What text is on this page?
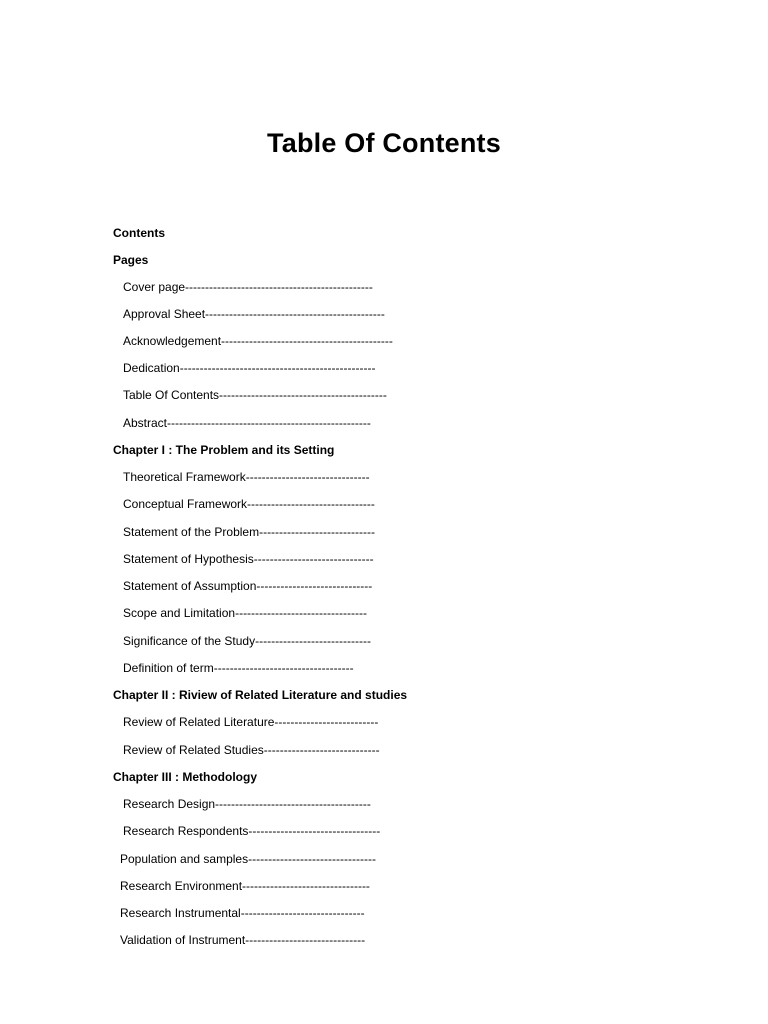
Table Of Contents
Contents
Pages
Cover page-----------------------------------------------
Approval Sheet---------------------------------------------
Acknowledgement-------------------------------------------
Dedication-------------------------------------------------
Table Of Contents------------------------------------------
Abstract---------------------------------------------------
Chapter I : The Problem and its Setting
Theoretical Framework-------------------------------
Conceptual Framework--------------------------------
Statement of the Problem-----------------------------
Statement of Hypothesis------------------------------
Statement of Assumption-----------------------------
Scope and Limitation---------------------------------
Significance of the Study-----------------------------
Definition of term-----------------------------------
Chapter II : Riview of Related Literature and studies
Review of Related Literature--------------------------
Review of Related Studies-----------------------------
Chapter III : Methodology
Research Design---------------------------------------
Research Respondents---------------------------------
Population and samples--------------------------------
Research Environment--------------------------------
Research Instrumental-------------------------------
Validation of Instrument------------------------------
